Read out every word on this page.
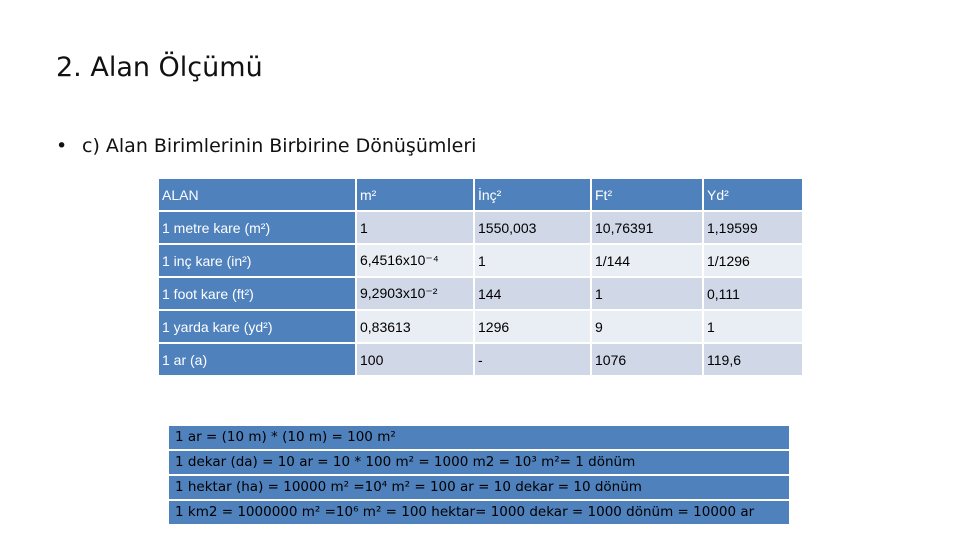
2. Alan Ölçümü
• c) Alan Birimlerinin Birbirine Dönüşümleri
ALAN	m²	İnç²	Ft²	Yd²
1 metre kare (m²)	1	1550,003	10,76391	1,19599
1 inç kare (in²)	6,4516x10⁻⁴	1	1/144	1/1296
1 foot kare (ft²)	9,2903x10⁻²	144	1	0,111
1 yarda kare (yd²)	0,83613	1296	9	1
1 ar (a)	100	-	1076	119,6
1 ar = (10 m) * (10 m) = 100 m²
1 dekar (da) = 10 ar = 10 * 100 m² = 1000 m2 = 10³ m²= 1 dönüm
1 hektar (ha) = 10000 m² =10⁴ m² = 100 ar = 10 dekar = 10 dönüm
1 km2 = 1000000 m² =10⁶ m² = 100 hektar= 1000 dekar = 1000 dönüm = 10000 ar
